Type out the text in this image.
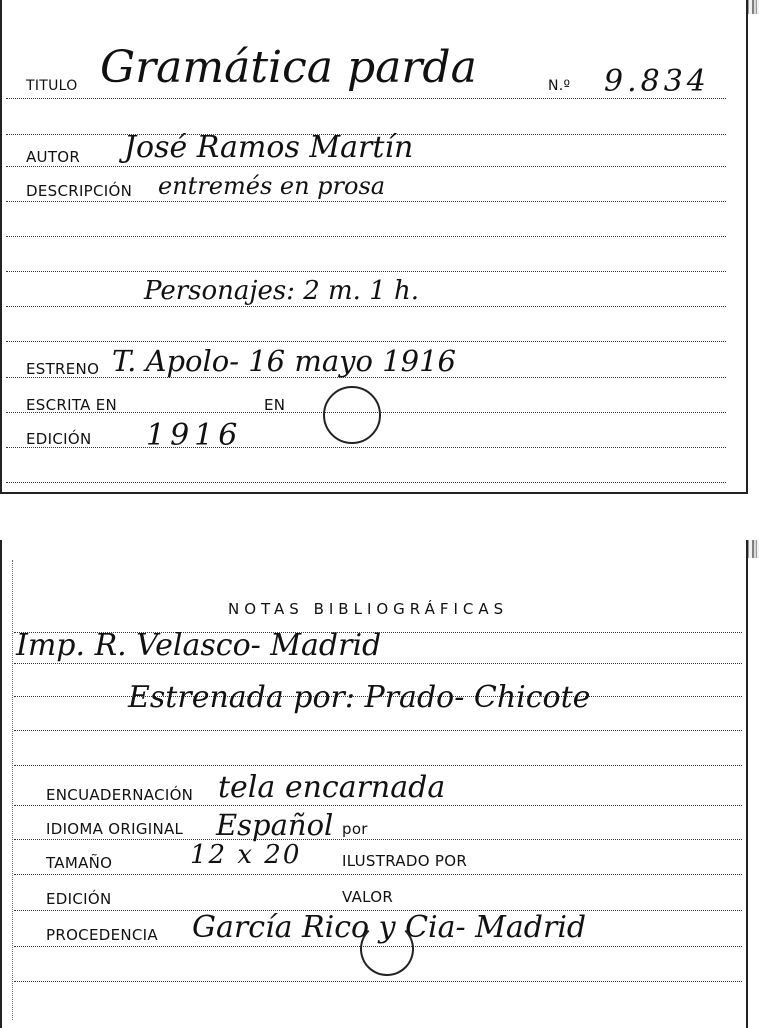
TITULO Gramática parda	N.º 9.834
AUTOR José Ramos Martín
DESCRIPCIÓN entremés en prosa
Personajes: 2 m. 1 h.
ESTRENO T. Apolo- 16 mayo 1916
ESCRITA EN	EN
EDICIÓN 1916
NOTAS BIBLIOGRÁFICAS
Imp. R. Velasco- Madrid
Estrenada por: Prado- Chicote
ENCUADERNACIÓN tela encarnada
IDIOMA ORIGINAL Español por
TAMAÑO	12 x 20	ILUSTRADO POR
EDICIÓN	VALOR
PROCEDENCIA García Rico y Cia- Madrid
